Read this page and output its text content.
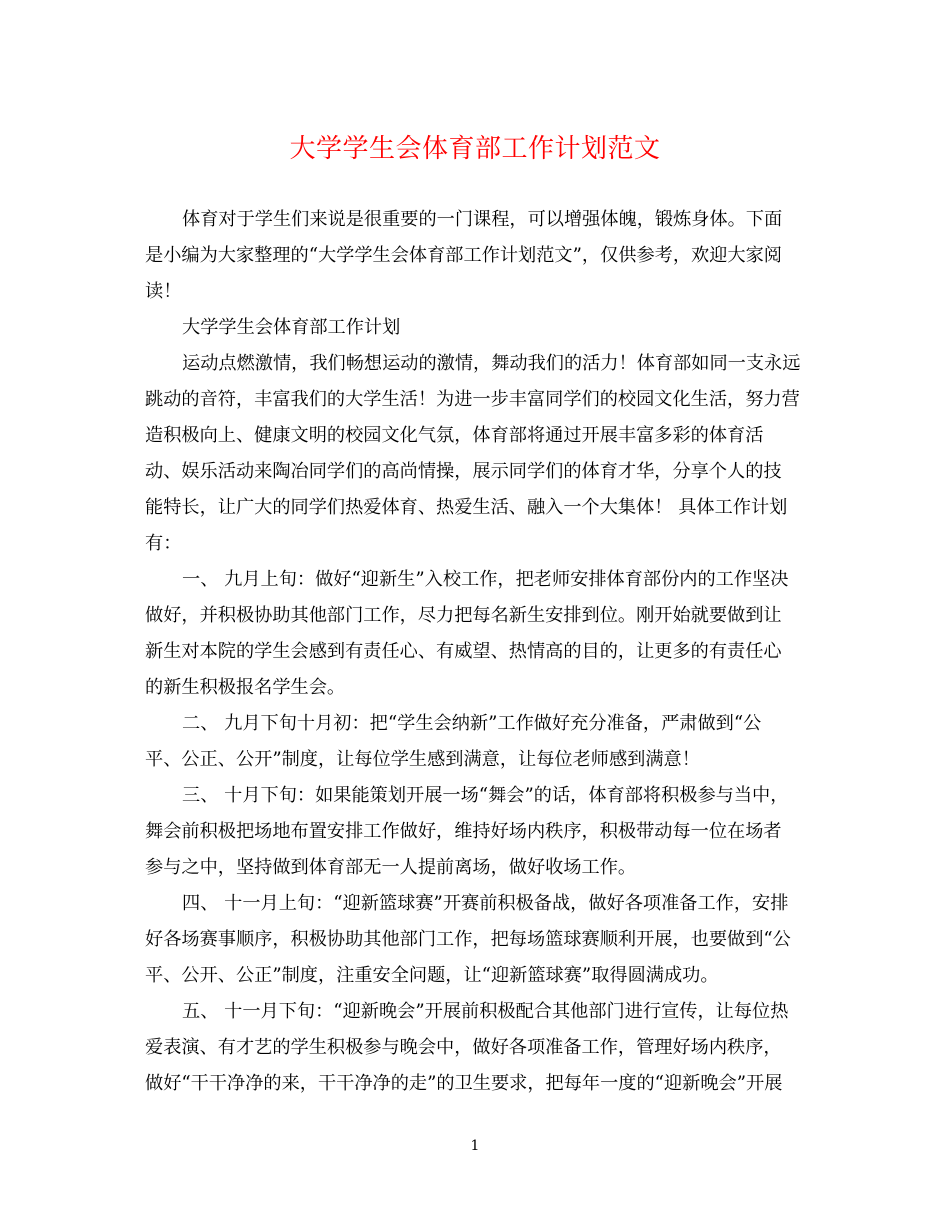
大学学生会体育部工作计划范文
体育对于学生们来说是很重要的一门课程，可以增强体魄，锻炼身体。下面
是小编为大家整理的“大学学生会体育部工作计划范文”，仅供参考，欢迎大家阅
读！
大学学生会体育部工作计划
运动点燃激情，我们畅想运动的激情，舞动我们的活力！体育部如同一支永远
跳动的音符，丰富我们的大学生活！为进一步丰富同学们的校园文化生活，努力营
造积极向上、健康文明的校园文化气氛，体育部将通过开展丰富多彩的体育活
动、娱乐活动来陶冶同学们的高尚情操，展示同学们的体育才华，分享个人的技
能特长，让广大的同学们热爱体育、热爱生活、融入一个大集体！ 具体工作计划
有：
一、 九月上旬：做好“迎新生”入校工作，把老师安排体育部份内的工作坚决
做好，并积极协助其他部门工作，尽力把每名新生安排到位。刚开始就要做到让
新生对本院的学生会感到有责任心、有威望、热情高的目的，让更多的有责任心
的新生积极报名学生会。
二、 九月下旬十月初：把“学生会纳新”工作做好充分准备，严肃做到“公
平、公正、公开”制度，让每位学生感到满意，让每位老师感到满意！
三、 十月下旬：如果能策划开展一场“舞会”的话，体育部将积极参与当中，
舞会前积极把场地布置安排工作做好，维持好场内秩序，积极带动每一位在场者
参与之中，坚持做到体育部无一人提前离场，做好收场工作。
四、 十一月上旬：“迎新篮球赛”开赛前积极备战，做好各项准备工作，安排
好各场赛事顺序，积极协助其他部门工作，把每场篮球赛顺利开展，也要做到“公
平、公开、公正”制度，注重安全问题，让“迎新篮球赛”取得圆满成功。
五、 十一月下旬：“迎新晚会”开展前积极配合其他部门进行宣传，让每位热
爱表演、有才艺的学生积极参与晚会中，做好各项准备工作，管理好场内秩序，
做好“干干净净的来，干干净净的走”的卫生要求，把每年一度的“迎新晚会”开展
1
